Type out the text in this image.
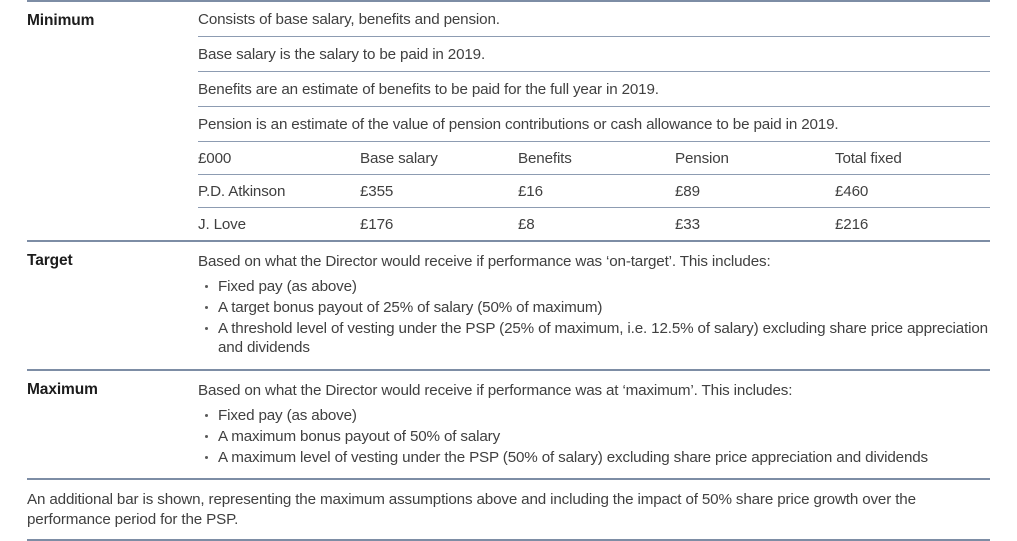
Minimum	Consists of base salary, benefits and pension.
Base salary is the salary to be paid in 2019.
Benefits are an estimate of benefits to be paid for the full year in 2019.
Pension is an estimate of the value of pension contributions or cash allowance to be paid in 2019.
£000	Base salary	Benefits	Pension	Total fixed
P.D. Atkinson	£355	£16	£89	£460
J. Love	£176	£8	£33	£216
Target	Based on what the Director would receive if performance was ‘on-target’. This includes:
Fixed pay (as above)
A target bonus payout of 25% of salary (50% of maximum)
A threshold level of vesting under the PSP (25% of maximum, i.e. 12.5% of salary) excluding share price appreciation and dividends
Maximum	Based on what the Director would receive if performance was at ‘maximum’. This includes:
Fixed pay (as above)
A maximum bonus payout of 50% of salary
A maximum level of vesting under the PSP (50% of salary) excluding share price appreciation and dividends
An additional bar is shown, representing the maximum assumptions above and including the impact of 50% share price growth over the performance period for the PSP.
